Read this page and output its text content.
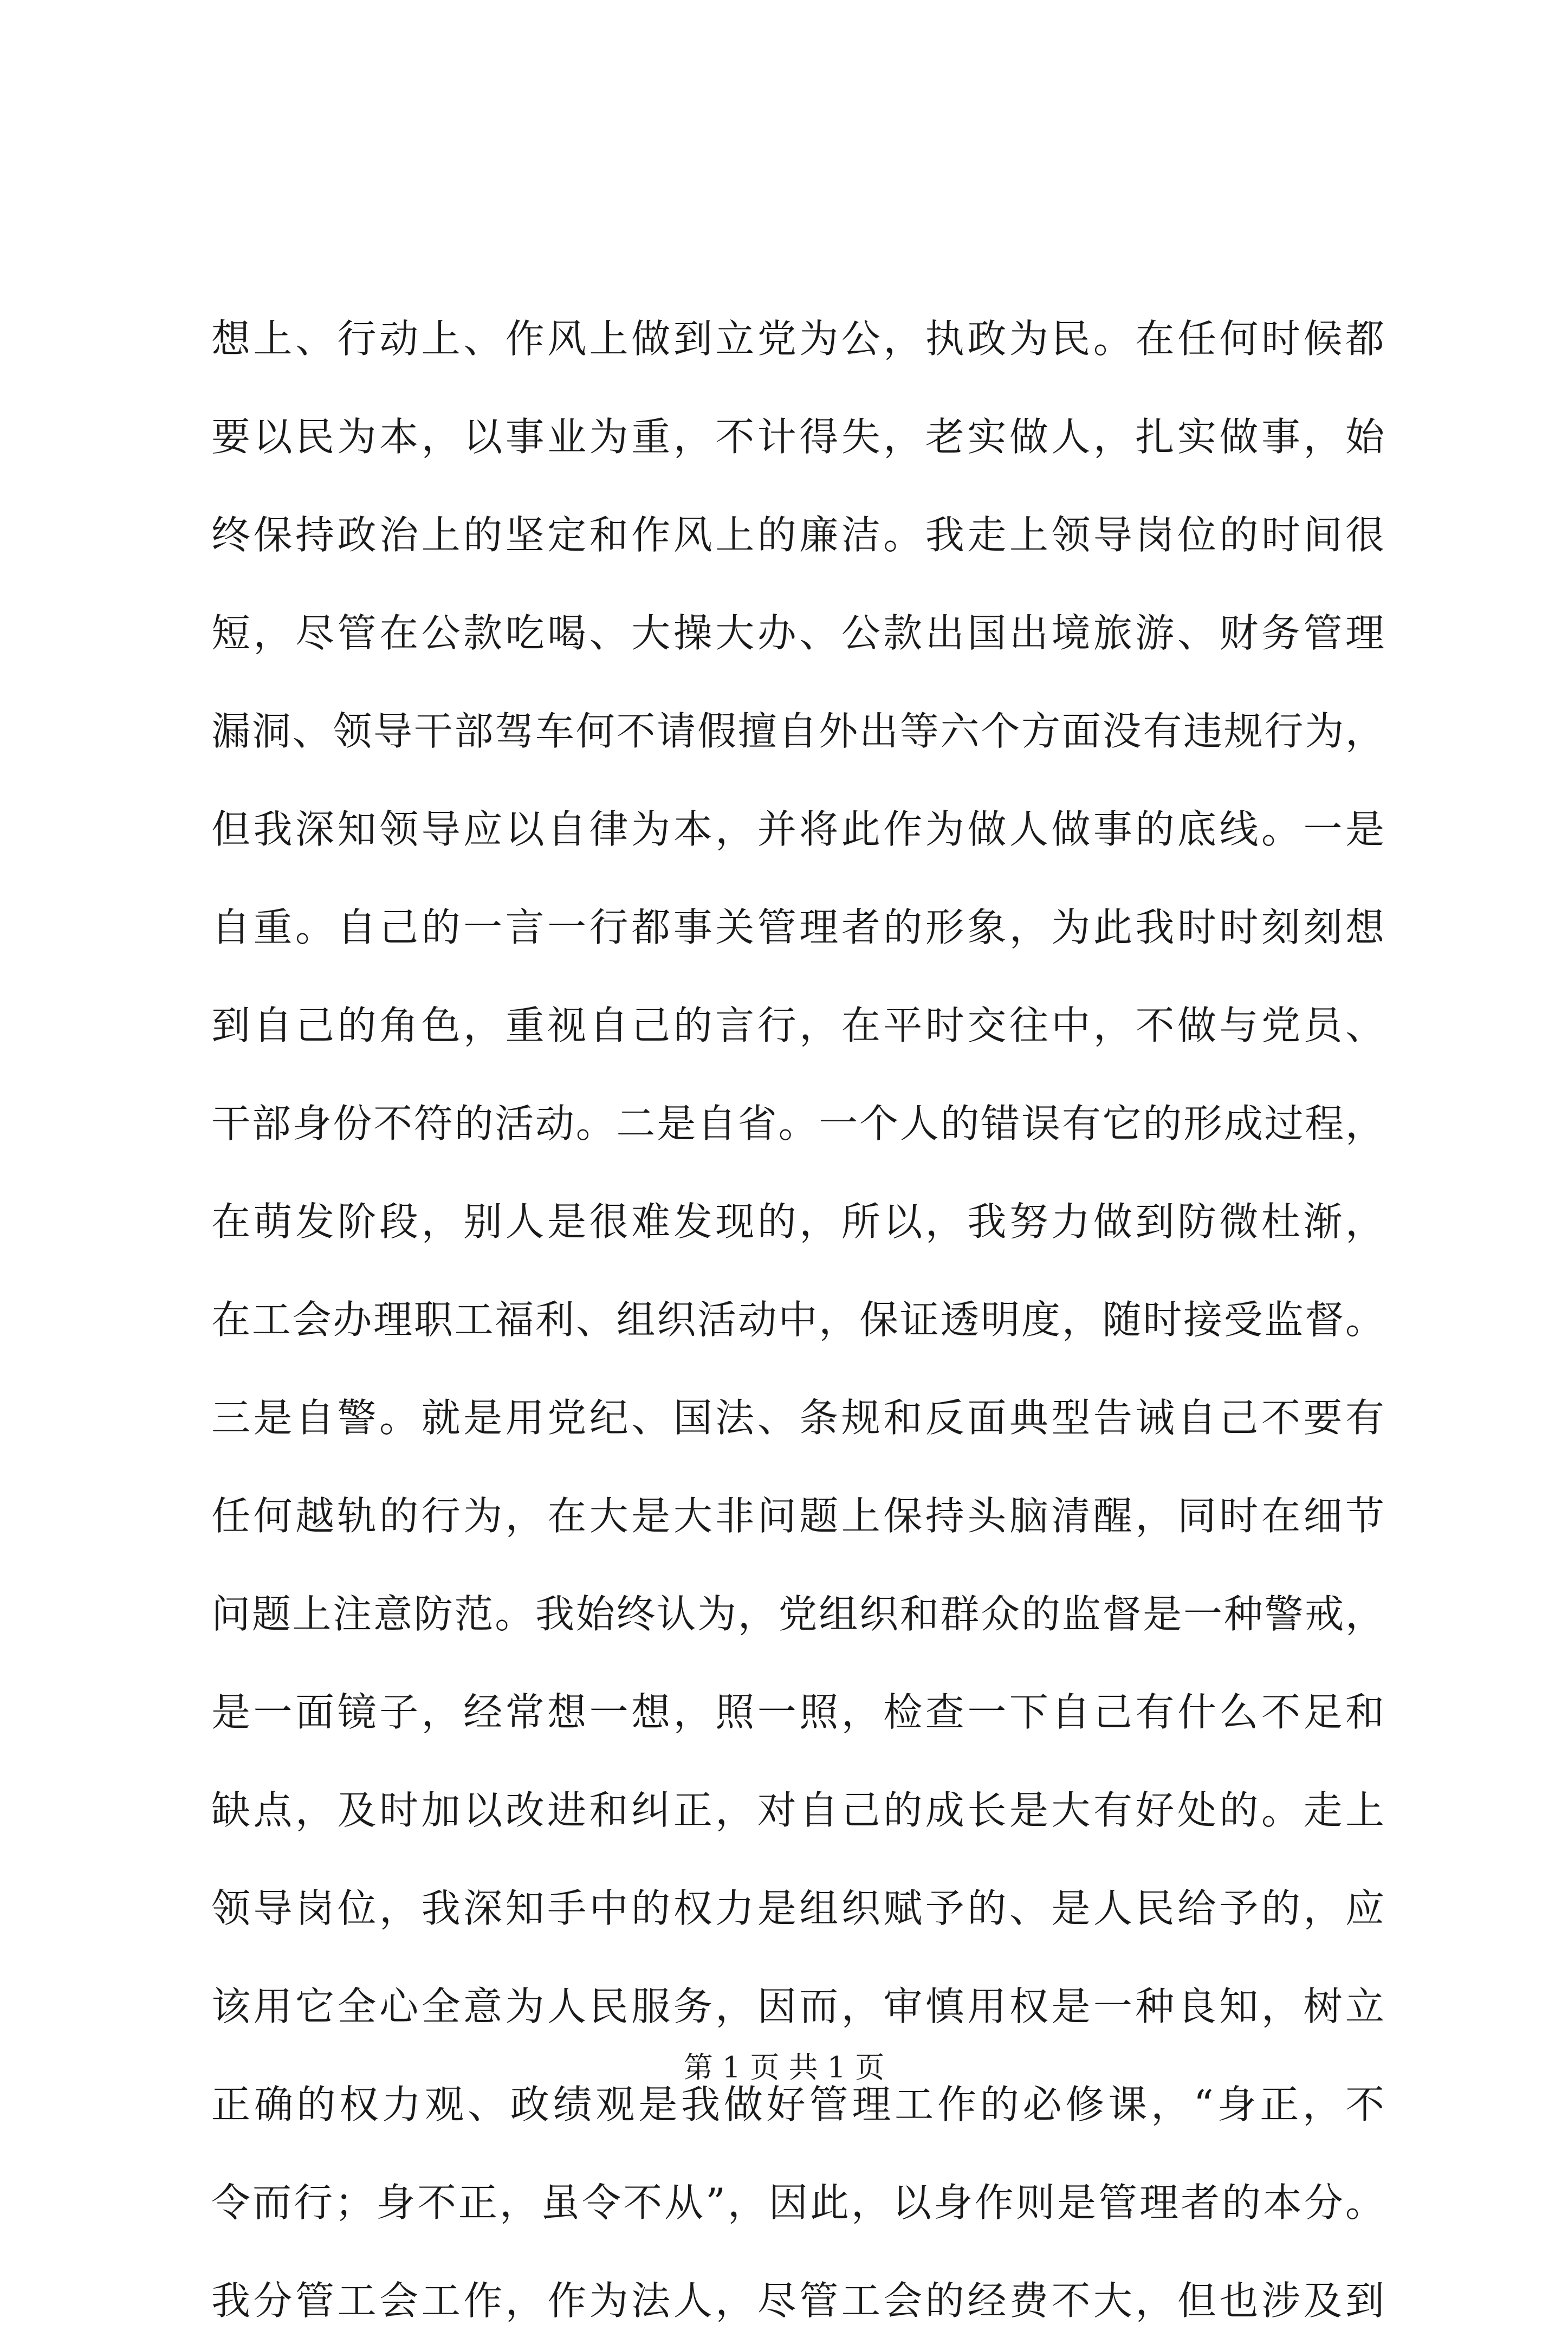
想上、行动上、作风上做到立党为公，执政为民。在任何时候都
要以民为本，以事业为重，不计得失，老实做人，扎实做事，始
终保持政治上的坚定和作风上的廉洁。我走上领导岗位的时间很
短，尽管在公款吃喝、大操大办、公款出国出境旅游、财务管理
漏洞、领导干部驾车何不请假擅自外出等六个方面没有违规行为，
但我深知领导应以自律为本，并将此作为做人做事的底线。一是
自重。自己的一言一行都事关管理者的形象，为此我时时刻刻想
到自己的角色，重视自己的言行，在平时交往中，不做与党员、
干部身份不符的活动。二是自省。一个人的错误有它的形成过程，
在萌发阶段，别人是很难发现的，所以，我努力做到防微杜渐，
在工会办理职工福利、组织活动中，保证透明度，随时接受监督。
三是自警。就是用党纪、国法、条规和反面典型告诫自己不要有
任何越轨的行为，在大是大非问题上保持头脑清醒，同时在细节
问题上注意防范。我始终认为，党组织和群众的监督是一种警戒，
是一面镜子，经常想一想，照一照，检查一下自己有什么不足和
缺点，及时加以改进和纠正，对自己的成长是大有好处的。走上
领导岗位，我深知手中的权力是组织赋予的、是人民给予的，应
该用它全心全意为人民服务，因而，审慎用权是一种良知，树立
正确的权力观、政绩观是我做好管理工作的必修课，“身正，不
令而行；身不正，虽令不从”，因此，以身作则是管理者的本分。
我分管工会工作，作为法人，尽管工会的经费不大，但也涉及到
第 1 页 共 1 页
